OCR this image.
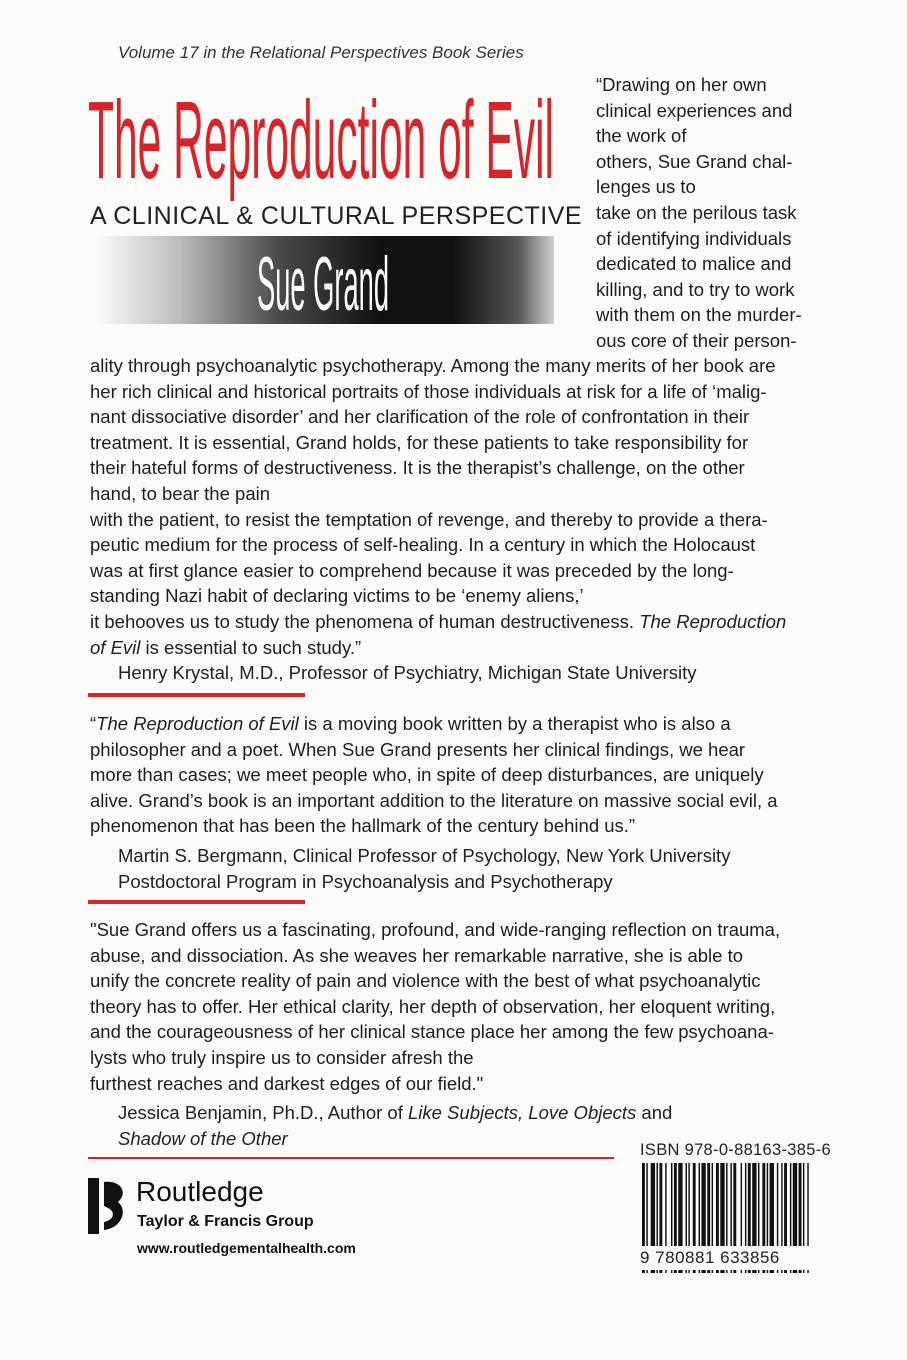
Volume 17 in the Relational Perspectives Book Series
The Reproduction of Evil
A CLINICAL & CULTURAL PERSPECTIVE
Sue Grand
“Drawing on her own
clinical experiences and
the work of
others, Sue Grand chal-
lenges us to
take on the perilous task
of identifying individuals
dedicated to malice and
killing, and to try to work
with them on the murder-
ous core of their person-
ality through psychoanalytic psychotherapy. Among the many merits of her book are
her rich clinical and historical portraits of those individuals at risk for a life of ‘malig-
nant dissociative disorder’ and her clarification of the role of confrontation in their
treatment. It is essential, Grand holds, for these patients to take responsibility for
their hateful forms of destructiveness. It is the therapist’s challenge, on the other
hand, to bear the pain
with the patient, to resist the temptation of revenge, and thereby to provide a thera-
peutic medium for the process of self-healing. In a century in which the Holocaust
was at first glance easier to comprehend because it was preceded by the long-
standing Nazi habit of declaring victims to be ‘enemy aliens,’
it behooves us to study the phenomena of human destructiveness. The Reproduction
of Evil is essential to such study.”
Henry Krystal, M.D., Professor of Psychiatry, Michigan State University
“The Reproduction of Evil is a moving book written by a therapist who is also a
philosopher and a poet. When Sue Grand presents her clinical findings, we hear
more than cases; we meet people who, in spite of deep disturbances, are uniquely
alive. Grand’s book is an important addition to the literature on massive social evil, a
phenomenon that has been the hallmark of the century behind us.”
Martin S. Bergmann, Clinical Professor of Psychology, New York University
Postdoctoral Program in Psychoanalysis and Psychotherapy
"Sue Grand offers us a fascinating, profound, and wide-ranging reflection on trauma,
abuse, and dissociation. As she weaves her remarkable narrative, she is able to
unify the concrete reality of pain and violence with the best of what psychoanalytic
theory has to offer. Her ethical clarity, her depth of observation, her eloquent writing,
and the courageousness of her clinical stance place her among the few psychoana-
lysts who truly inspire us to consider afresh the
furthest reaches and darkest edges of our field."
Jessica Benjamin, Ph.D., Author of Like Subjects, Love Objects and
Shadow of the Other
ISBN 978-0-88163-385-6
9 780881 633856
Routledge
Taylor & Francis Group
www.routledgementalhealth.com
